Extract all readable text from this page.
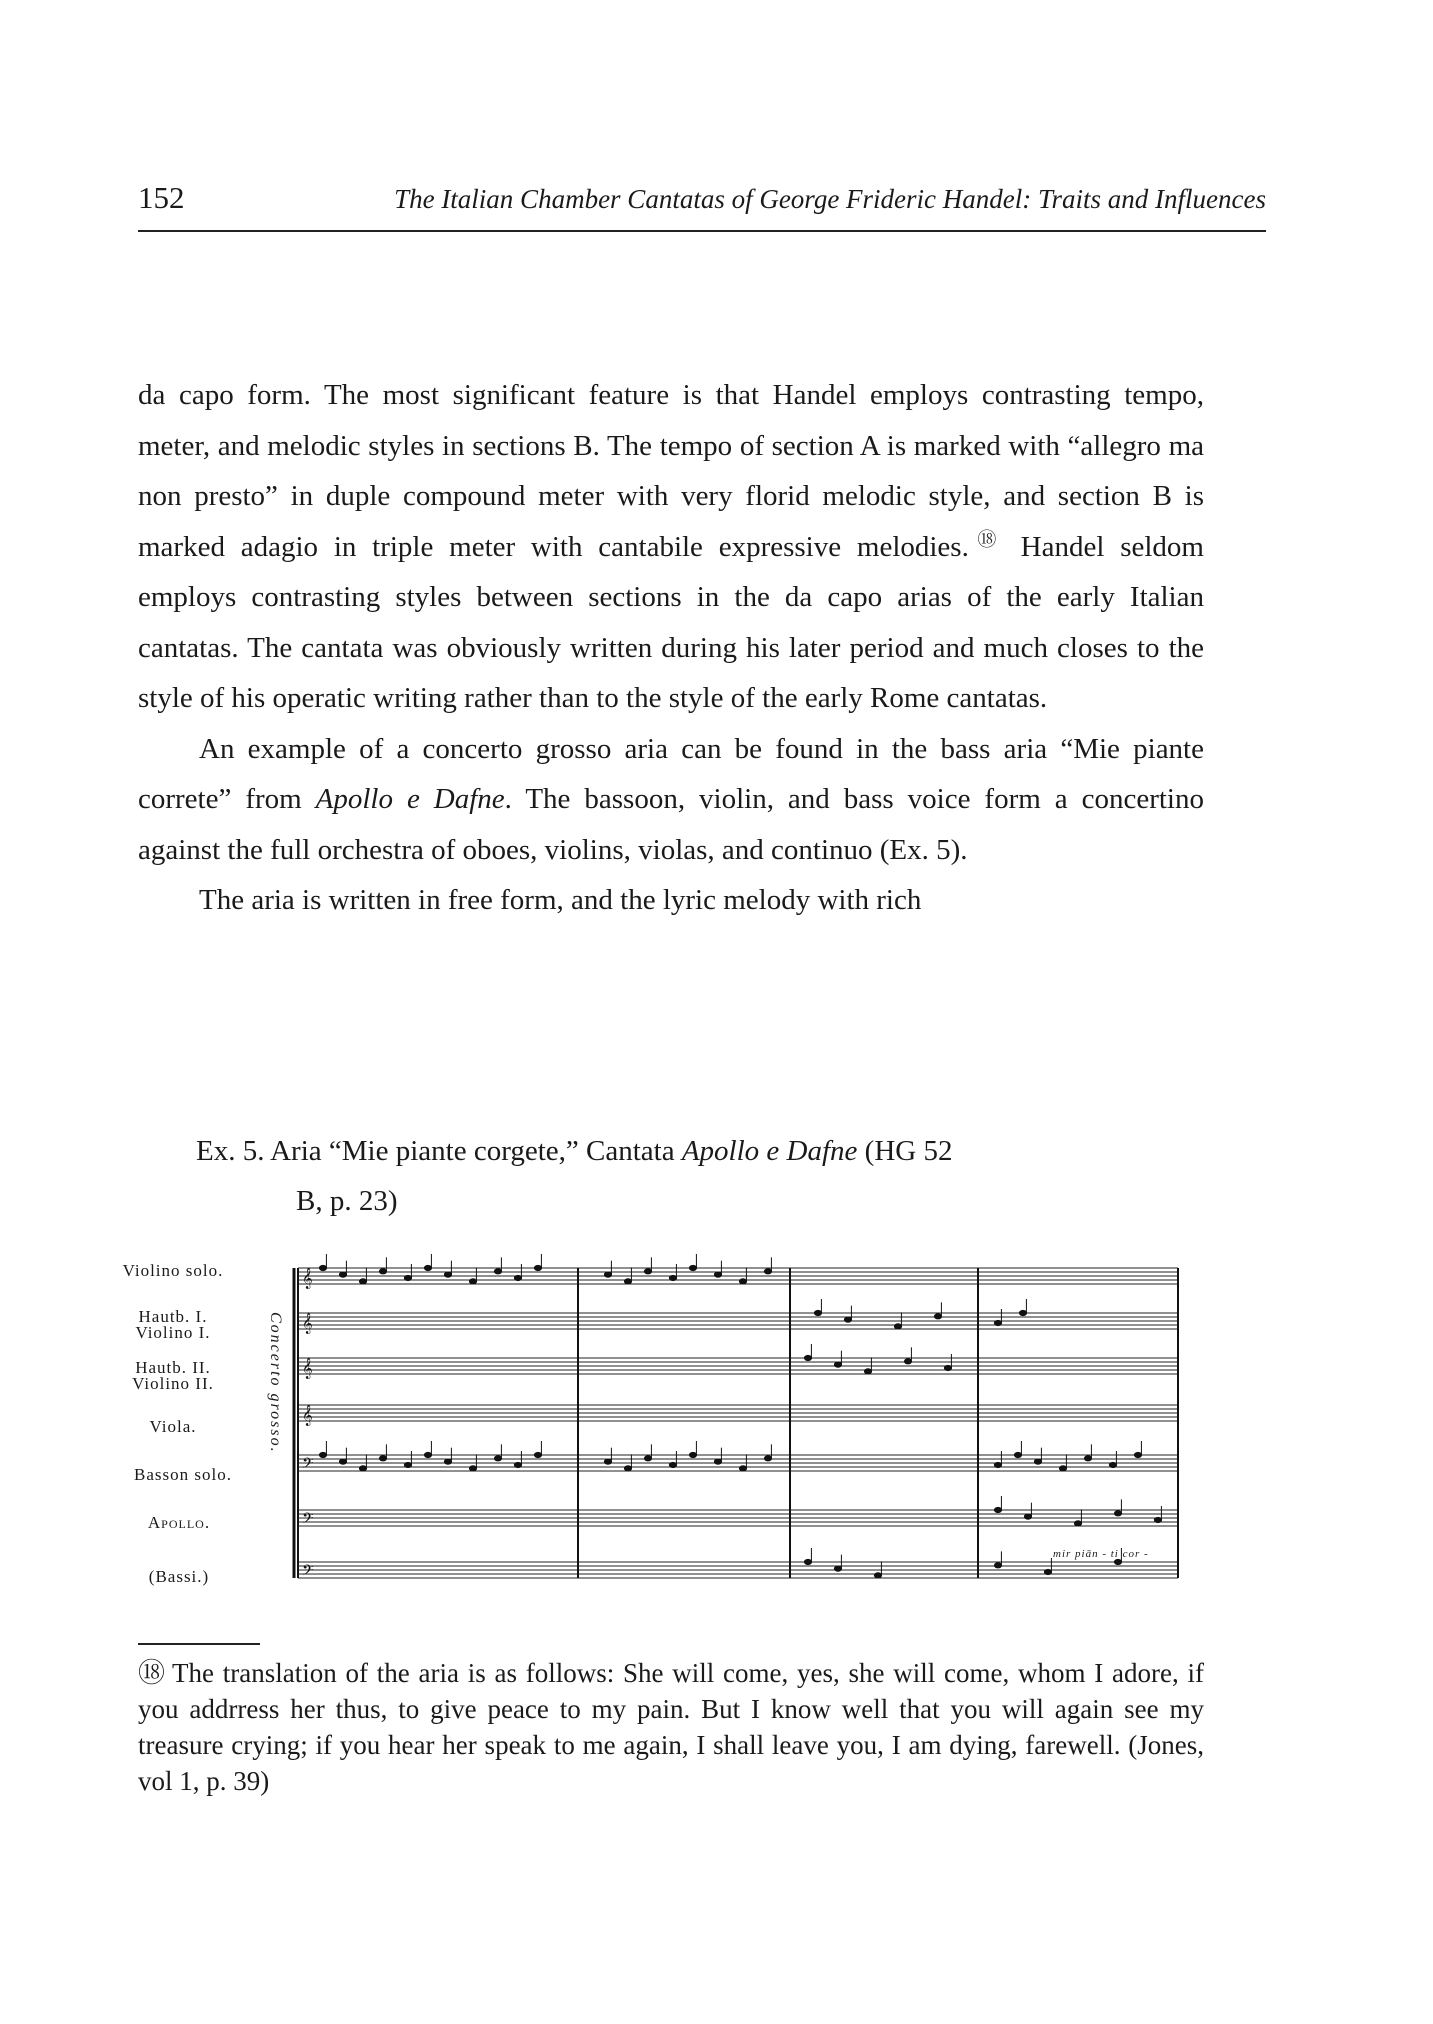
152	The Italian Chamber Cantatas of George Frideric Handel: Traits and Influences

da capo form. The most significant feature is that Handel employs contrasting tempo, meter, and melodic styles in sections B. The tempo of section A is marked with “allegro ma non presto” in duple compound meter with very florid melodic style, and section B is marked adagio in triple meter with cantabile expressive melodies.⑱ Handel seldom employs contrasting styles between sections in the da capo arias of the early Italian cantatas. The cantata was obviously written during his later period and much closes to the style of his operatic writing rather than to the style of the early Rome cantatas.

An example of a concerto grosso aria can be found in the bass aria “Mie piante correte” from Apollo e Dafne. The bassoon, violin, and bass voice form a concertino against the full orchestra of oboes, violins, violas, and continuo (Ex. 5).

The aria is written in free form, and the lyric melody with rich

Ex. 5. Aria “Mie piante corgete,” Cantata Apollo e Dafne (HG 52
B, p. 23)
Violino solo.
Hautb. I.
Violino I.
Hautb. II.
Violino II.
Viola.
Basson solo.
Apollo.
(Bassi.)
Concerto grosso.
𝄞
𝄞
𝄞
𝄞
𝄢
𝄢
𝄢
mir piān - ti cor -
⑱ The translation of the aria is as follows: She will come, yes, she will come, whom I adore, if you addrress her thus, to give peace to my pain. But I know well that you will again see my treasure crying; if you hear her speak to me again, I shall leave you, I am dying, farewell. (Jones, vol 1, p. 39)
